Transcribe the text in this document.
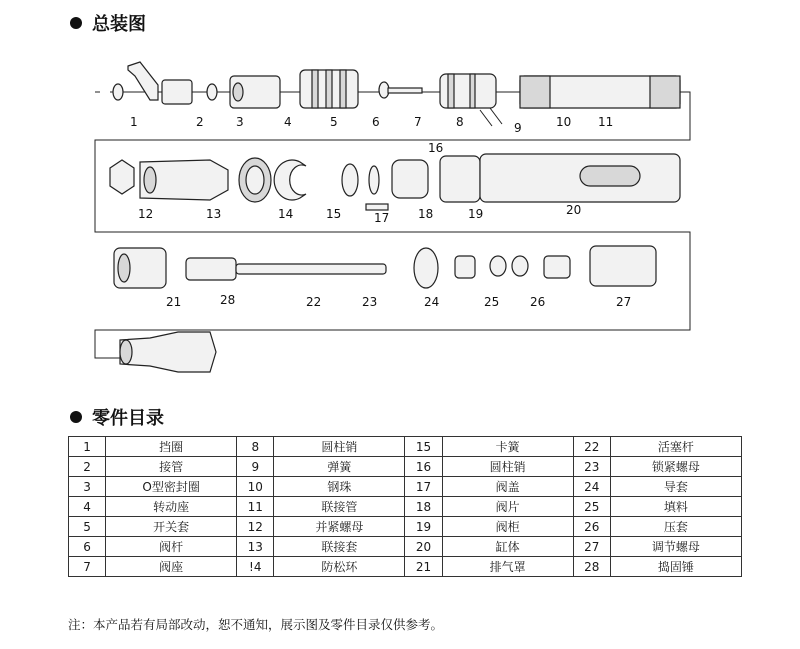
总装图
1	2	3	4	5	6	7	8	9	10 11
12	13	14	15
16
17 18	19	20
21	22	23	24	25	26	27
28
零件目录
1	挡圈	8	圆柱销	15	卡簧	22	活塞杆
2	接管	9	弹簧	16	圆柱销	23	锁紧螺母
3	O型密封圈	10	钢珠	17	阀盖	24	导套
4	转动座	11	联接管	18	阀片	25	填料
5	开关套	12	并紧螺母	19	阀柜	26	压套
6	阀杆	13	联接套	20	缸体	27	调节螺母
7	阀座	!4	防松环	21	排气罩	28	捣固锤
注：本产品若有局部改动，恕不通知，展示图及零件目录仅供参考。
